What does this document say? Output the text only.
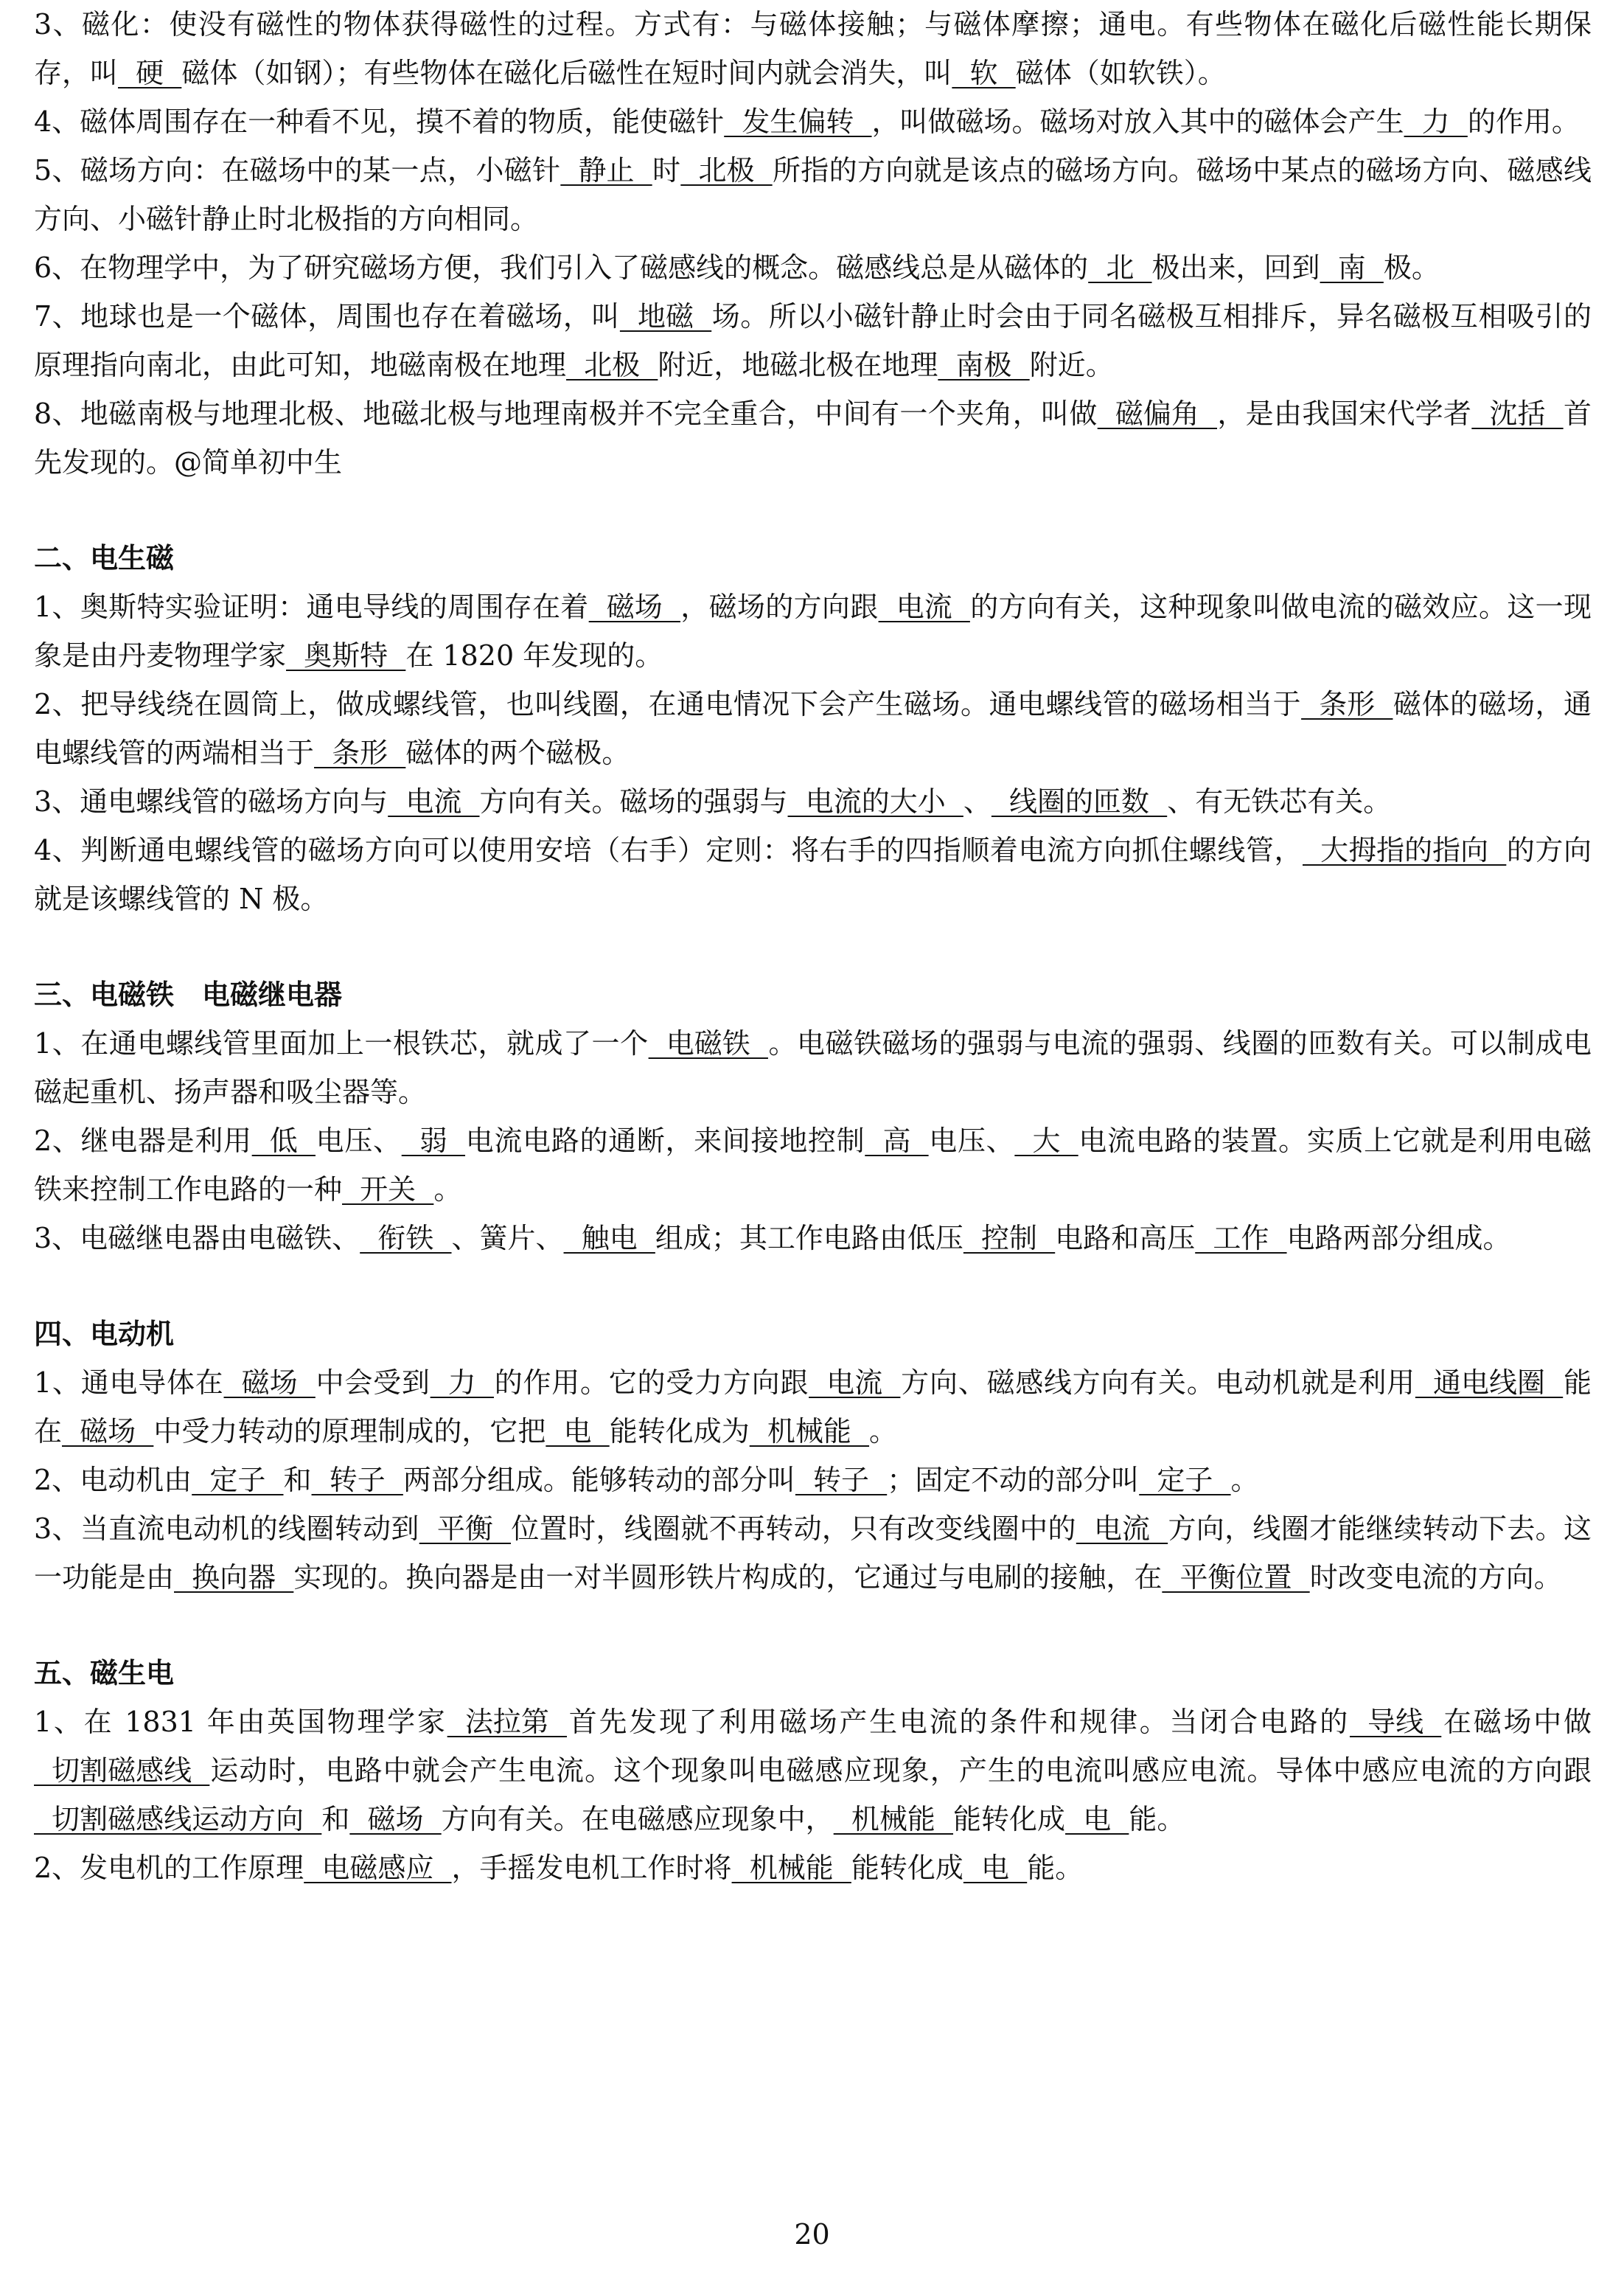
3、磁化：使没有磁性的物体获得磁性的过程。方式有：与磁体接触；与磁体摩擦；通电。有些物体在磁化后磁性能长期保存，叫  硬  磁体（如钢）；有些物体在磁化后磁性在短时间内就会消失，叫  软  磁体（如软铁）。

4、磁体周围存在一种看不见，摸不着的物质，能使磁针  发生偏转  ，叫做磁场。磁场对放入其中的磁体会产生  力  的作用。

5、磁场方向：在磁场中的某一点，小磁针  静止  时  北极  所指的方向就是该点的磁场方向。磁场中某点的磁场方向、磁感线方向、小磁针静止时北极指的方向相同。

6、在物理学中，为了研究磁场方便，我们引入了磁感线的概念。磁感线总是从磁体的  北  极出来，回到  南  极。

7、地球也是一个磁体，周围也存在着磁场，叫  地磁  场。所以小磁针静止时会由于同名磁极互相排斥，异名磁极互相吸引的原理指向南北，由此可知，地磁南极在地理  北极  附近，地磁北极在地理  南极  附近。

8、地磁南极与地理北极、地磁北极与地理南极并不完全重合，中间有一个夹角，叫做  磁偏角  ，是由我国宋代学者  沈括  首先发现的。@简单初中生

二、电生磁

1、奥斯特实验证明：通电导线的周围存在着  磁场  ，磁场的方向跟  电流  的方向有关，这种现象叫做电流的磁效应。这一现象是由丹麦物理学家  奥斯特  在 1820 年发现的。

2、把导线绕在圆筒上，做成螺线管，也叫线圈，在通电情况下会产生磁场。通电螺线管的磁场相当于  条形  磁体的磁场，通电螺线管的两端相当于  条形  磁体的两个磁极。

3、通电螺线管的磁场方向与  电流  方向有关。磁场的强弱与  电流的大小  、  线圈的匝数  、有无铁芯有关。

4、判断通电螺线管的磁场方向可以使用安培（右手）定则：将右手的四指顺着电流方向抓住螺线管，  大拇指的指向  的方向就是该螺线管的 N 极。

三、电磁铁　电磁继电器

1、在通电螺线管里面加上一根铁芯，就成了一个  电磁铁  。电磁铁磁场的强弱与电流的强弱、线圈的匝数有关。可以制成电磁起重机、扬声器和吸尘器等。

2、继电器是利用  低  电压、  弱  电流电路的通断，来间接地控制  高  电压、  大  电流电路的装置。实质上它就是利用电磁铁来控制工作电路的一种  开关  。

3、电磁继电器由电磁铁、  衔铁  、簧片、  触电  组成；其工作电路由低压  控制  电路和高压  工作  电路两部分组成。

四、电动机

1、通电导体在  磁场  中会受到  力  的作用。它的受力方向跟  电流  方向、磁感线方向有关。电动机就是利用  通电线圈  能在  磁场  中受力转动的原理制成的，它把  电  能转化成为  机械能  。

2、电动机由  定子  和  转子  两部分组成。能够转动的部分叫  转子  ；固定不动的部分叫  定子  。

3、当直流电动机的线圈转动到  平衡  位置时，线圈就不再转动，只有改变线圈中的  电流  方向，线圈才能继续转动下去。这一功能是由  换向器  实现的。换向器是由一对半圆形铁片构成的，它通过与电刷的接触，在  平衡位置  时改变电流的方向。

五、磁生电

1、在 1831 年由英国物理学家  法拉第  首先发现了利用磁场产生电流的条件和规律。当闭合电路的  导线  在磁场中做  切割磁感线  运动时，电路中就会产生电流。这个现象叫电磁感应现象，产生的电流叫感应电流。导体中感应电流的方向跟  切割磁感线运动方向  和  磁场  方向有关。在电磁感应现象中，  机械能  能转化成  电  能。

2、发电机的工作原理  电磁感应  ，手摇发电机工作时将  机械能  能转化成  电  能。

20
